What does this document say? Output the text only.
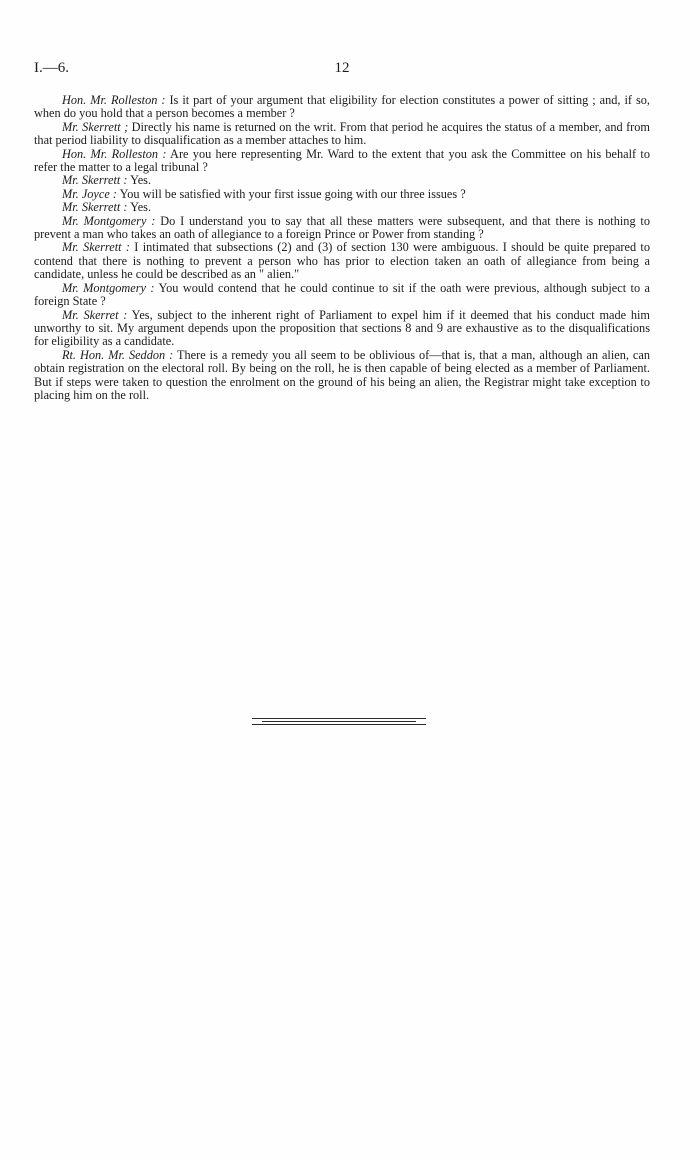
I.—6.	12

Hon. Mr. Rolleston : Is it part of your argument that eligibility for election constitutes a power of sitting ; and, if so, when do you hold that a person becomes a member ?

Mr. Skerrett ; Directly his name is returned on the writ. From that period he acquires the status of a member, and from that period liability to disqualification as a member attaches to him.

Hon. Mr. Rolleston : Are you here representing Mr. Ward to the extent that you ask the Committee on his behalf to refer the matter to a legal tribunal ?

Mr. Skerrett : Yes.

Mr. Joyce : You will be satisfied with your first issue going with our three issues ?

Mr. Skerrett : Yes.

Mr. Montgomery : Do I understand you to say that all these matters were subsequent, and that there is nothing to prevent a man who takes an oath of allegiance to a foreign Prince or Power from standing ?

Mr. Skerrett : I intimated that subsections (2) and (3) of section 130 were ambiguous. I should be quite prepared to contend that there is nothing to prevent a person who has prior to election taken an oath of allegiance from being a candidate, unless he could be described as an " alien."

Mr. Montgomery : You would contend that he could continue to sit if the oath were previous, although subject to a foreign State ?

Mr. Skerret : Yes, subject to the inherent right of Parliament to expel him if it deemed that his conduct made him unworthy to sit. My argument depends upon the proposition that sections 8 and 9 are exhaustive as to the disqualifications for eligibility as a candidate.

Rt. Hon. Mr. Seddon : There is a remedy you all seem to be oblivious of—that is, that a man, although an alien, can obtain registration on the electoral roll. By being on the roll, he is then capable of being elected as a member of Parliament. But if steps were taken to question the enrolment on the ground of his being an alien, the Registrar might take exception to placing him on the roll.
